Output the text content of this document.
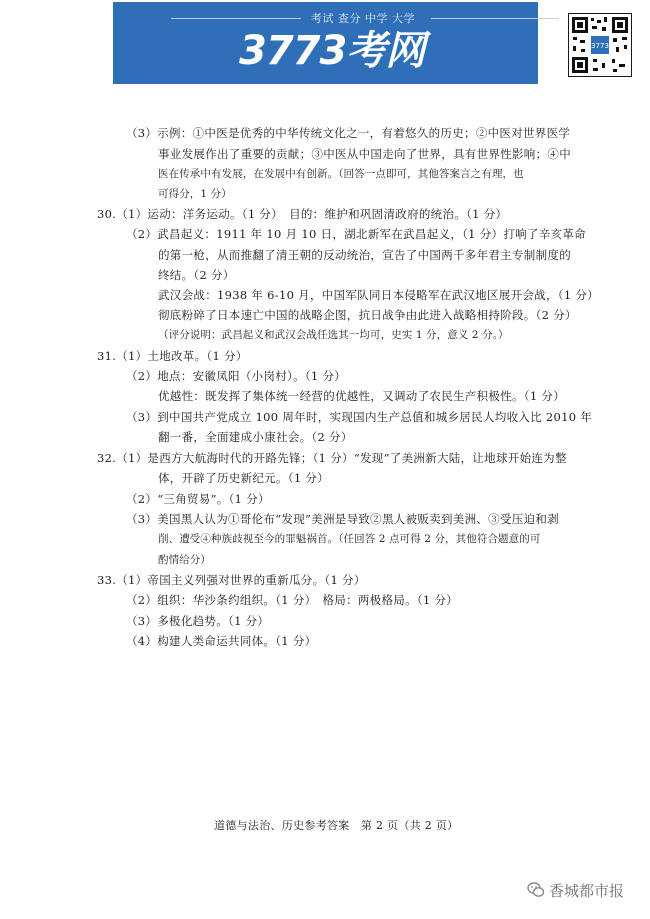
考试 查分 中学 大学
3773考网	3773
（3）示例：①中医是优秀的中华传统文化之一，有着悠久的历史；②中医对世界医学
事业发展作出了重要的贡献；③中医从中国走向了世界，具有世界性影响；④中
医在传承中有发展，在发展中有创新。（回答一点即可，其他答案言之有理，也
可得分，1 分）
30.（1）运动：洋务运动。（1 分）　目的：维护和巩固清政府的统治。（1 分）
（2）武昌起义：1911 年 10 月 10 日，湖北新军在武昌起义，（1 分）打响了辛亥革命
的第一枪，从而推翻了清王朝的反动统治，宣告了中国两千多年君主专制制度的
终结。（2 分）
武汉会战：1938 年 6-10 月，中国军队同日本侵略军在武汉地区展开会战，（1 分）
彻底粉碎了日本速亡中国的战略企图，抗日战争由此进入战略相持阶段。（2 分）
（评分说明：武昌起义和武汉会战任选其一均可，史实 1 分，意义 2 分。）
31.（1）土地改革。（1 分）
（2）地点：安徽凤阳（小岗村）。（1 分）
优越性：既发挥了集体统一经营的优越性，又调动了农民生产积极性。（1 分）
（3）到中国共产党成立 100 周年时，实现国内生产总值和城乡居民人均收入比 2010 年
翻一番，全面建成小康社会。（2 分）
32.（1）是西方大航海时代的开路先锋；（1 分）“发现”了美洲新大陆，让地球开始连为整
体，开辟了历史新纪元。（1 分）
（2）“三角贸易”。（1 分）
（3）美国黑人认为①哥伦布“发现”美洲是导致②黑人被贩卖到美洲、③受压迫和剥
削、遭受④种族歧视至今的罪魁祸首。（任回答 2 点可得 2 分，其他符合题意的可
酌情给分）
33.（1）帝国主义列强对世界的重新瓜分。（1 分）
（2）组织：华沙条约组织。（1 分）　格局：两极格局。（1 分）
（3）多极化趋势。（1 分）
（4）构建人类命运共同体。（1 分）
道德与法治、历史参考答案　第 2 页（共 2 页）
香城都市报
